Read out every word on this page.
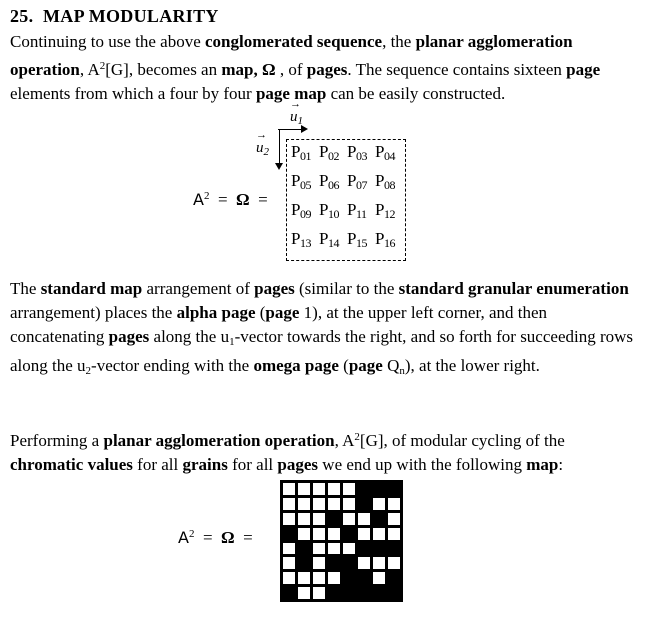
25. MAP MODULARITY
Continuing to use the above conglomerated sequence, the planar agglomeration operation, $A^2[G]$, becomes an map, Ω , of pages. The sequence contains sixteen page elements from which a four by four page map can be easily constructed.
→ $u_1$
→ $u_2$
$A^2 = \Omega$ =
$P_{01}$ $P_{02}$ $P_{03}$ $P_{04}$
$P_{05}$ $P_{06}$ $P_{07}$ $P_{08}$
$P_{09}$ $P_{10}$ $P_{11}$ $P_{12}$
$P_{13}$ $P_{14}$ $P_{15}$ $P_{16}$
The standard map arrangement of pages (similar to the standard granular enumeration arrangement) places the alpha page (page 1), at the upper left corner, and then concatenating pages along the $u_1$-vector towards the right, and so forth for succeeding rows along the $u_2$-vector ending with the omega page (page $Q_n$), at the lower right.
Performing a planar agglomeration operation, $A^2[G]$, of modular cycling of the chromatic values for all grains for all pages we end up with the following map:
$A^2 = \Omega$ =
